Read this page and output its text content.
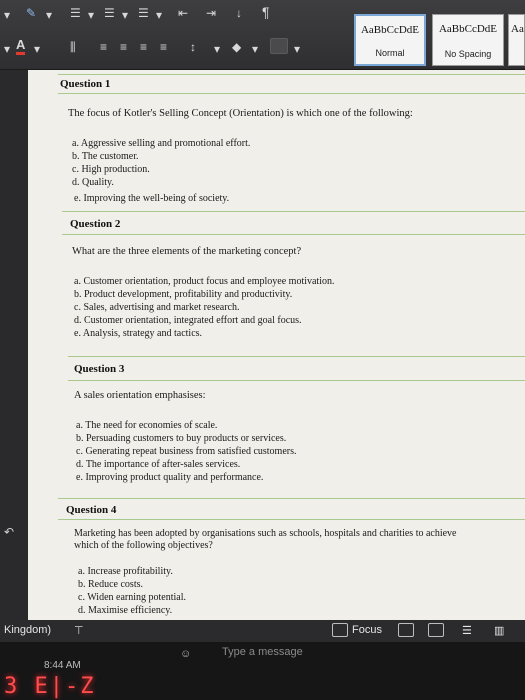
▾ ✎ ▾ ☰ ▾ ☰ ▾ ☰ ▾ ⇤ ⇥ ↓ ¶
▾ A ▾ ⫼ ≡ ≡ ≡ ≡ ↕ ▾ ◆ ▾	▾
AaBbCcDdE
Normal
AaBbCcDdE
No Spacing
Aa
↶
Question 1
The focus of Kotler's Selling Concept (Orientation) is which one of the following:
a. Aggressive selling and promotional effort.
b. The customer.
c. High production.
d. Quality.
e. Improving the well-being of society.
Question 2
What are the three elements of the marketing concept?
a. Customer orientation, product focus and employee motivation.
b. Product development, profitability and productivity.
c. Sales, advertising and market research.
d. Customer orientation, integrated effort and goal focus.
e. Analysis, strategy and tactics.
Question 3
A sales orientation emphasises:
a. The need for economies of scale.
b. Persuading customers to buy products or services.
c. Generating repeat business from satisfied customers.
d. The importance of after-sales services.
e. Improving product quality and performance.
Question 4
Marketing has been adopted by organisations such as schools, hospitals and charities to achieve which of the following objectives?
a. Increase profitability.
b. Reduce costs.
c. Widen earning potential.
d. Maximise efficiency.
Kingdom) ⊤	Focus	☰ ▥
☺	Type a message
8:44 AM
3 E|-Z
